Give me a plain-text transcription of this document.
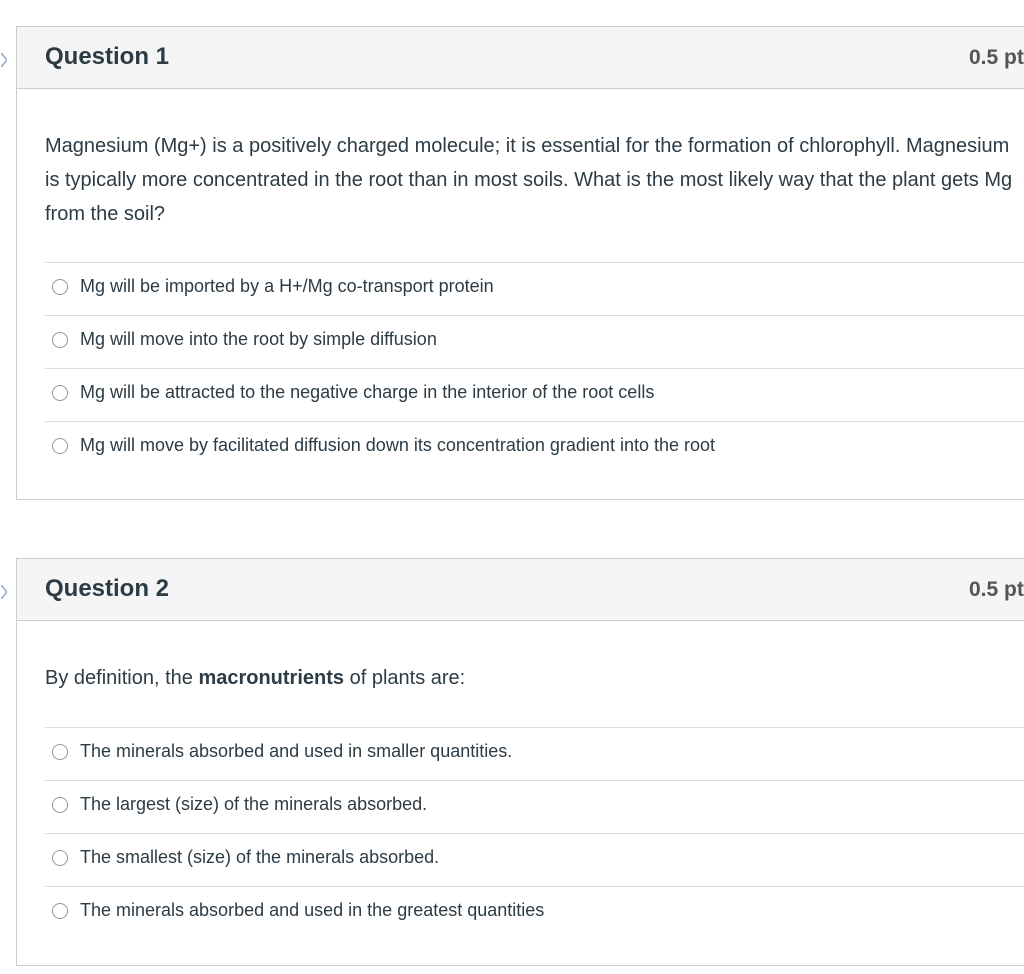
Question 1	0.5 pt
Magnesium (Mg+) is a positively charged molecule; it is essential for the formation of chlorophyll. Magnesium is typically more concentrated in the root than in most soils. What is the most likely way that the plant gets Mg from the soil?
Mg will be imported by a H+/Mg co-transport protein
Mg will move into the root by simple diffusion
Mg will be attracted to the negative charge in the interior of the root cells
Mg will move by facilitated diffusion down its concentration gradient into the root
Question 2	0.5 pt
By definition, the macronutrients of plants are:
The minerals absorbed and used in smaller quantities.
The largest (size) of the minerals absorbed.
The smallest (size) of the minerals absorbed.
The minerals absorbed and used in the greatest quantities
